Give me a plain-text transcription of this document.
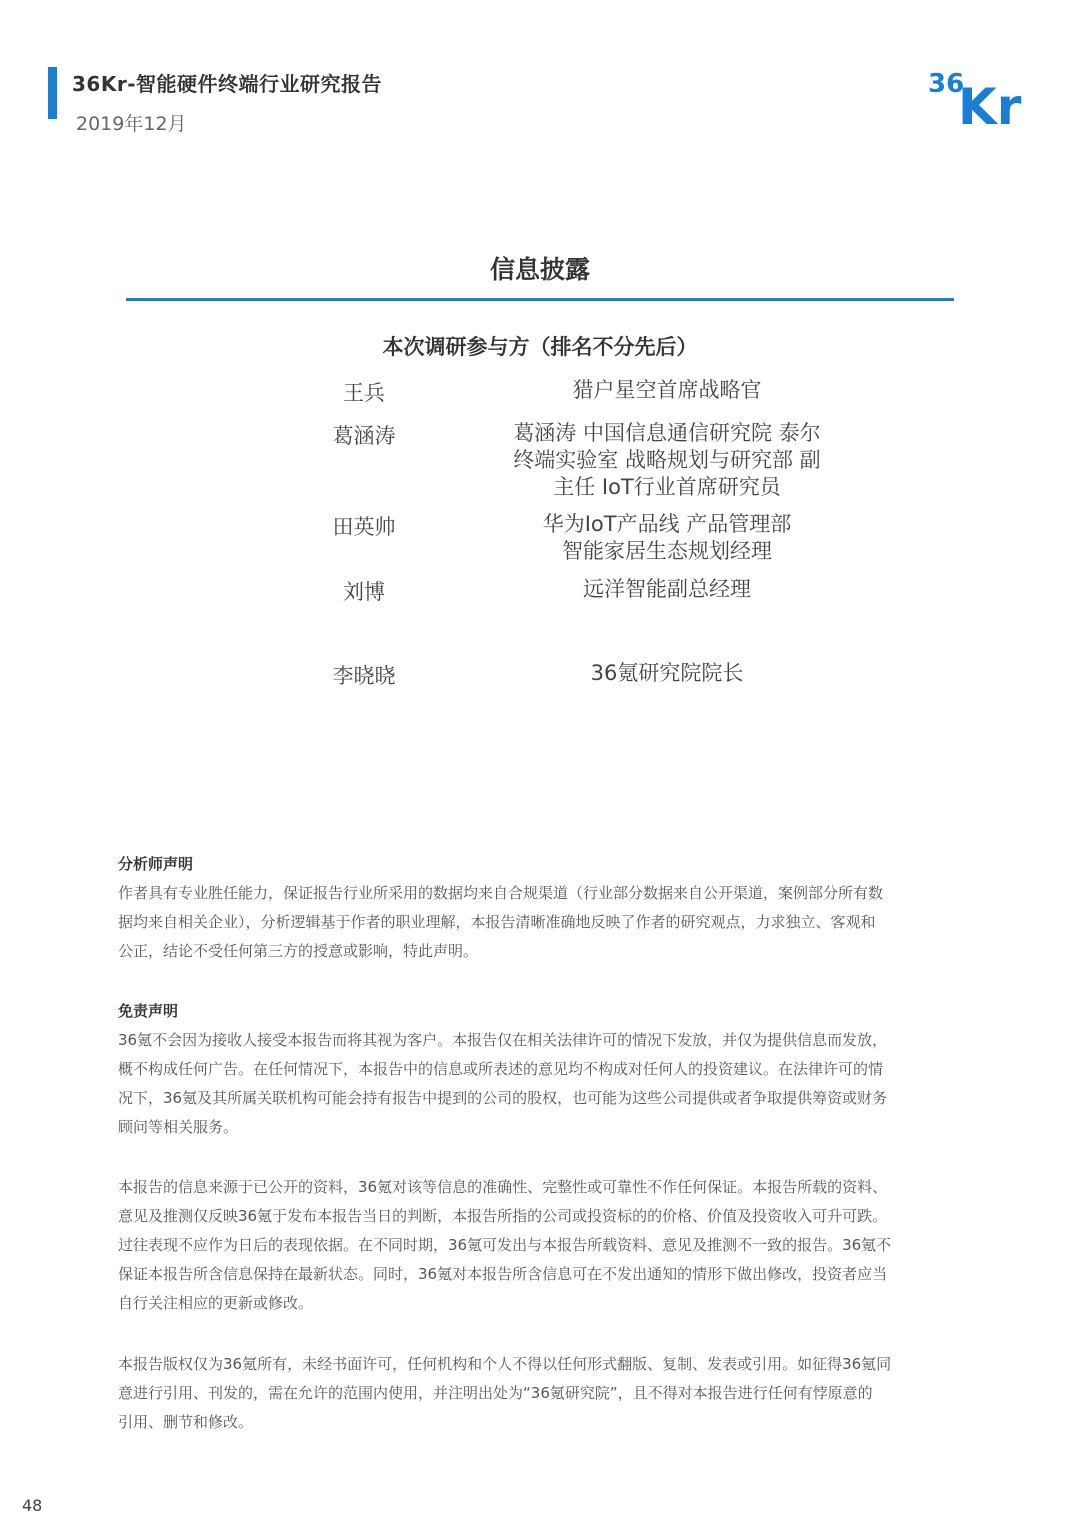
36Kr-智能硬件终端行业研究报告
2019年12月
36
Kr
信息披露
本次调研参与方（排名不分先后）
王兵	猎户星空首席战略官
葛涵涛	葛涵涛 中国信息通信研究院 泰尔
终端实验室 战略规划与研究部 副
主任 IoT行业首席研究员
田英帅	华为IoT产品线 产品管理部
智能家居生态规划经理
刘博	远洋智能副总经理
李晓晓	36氪研究院院长
分析师声明
作者具有专业胜任能力，保证报告行业所采用的数据均来自合规渠道（行业部分数据来自公开渠道，案例部分所有数
据均来自相关企业），分析逻辑基于作者的职业理解，本报告清晰准确地反映了作者的研究观点，力求独立、客观和
公正，结论不受任何第三方的授意或影响，特此声明。
免责声明
36氪不会因为接收人接受本报告而将其视为客户。本报告仅在相关法律许可的情况下发放，并仅为提供信息而发放，
概不构成任何广告。在任何情况下，本报告中的信息或所表述的意见均不构成对任何人的投资建议。在法律许可的情
况下，36氪及其所属关联机构可能会持有报告中提到的公司的股权，也可能为这些公司提供或者争取提供筹资或财务
顾问等相关服务。
本报告的信息来源于已公开的资料，36氪对该等信息的准确性、完整性或可靠性不作任何保证。本报告所载的资料、
意见及推测仅反映36氪于发布本报告当日的判断，本报告所指的公司或投资标的的价格、价值及投资收入可升可跌。
过往表现不应作为日后的表现依据。在不同时期，36氪可发出与本报告所载资料、意见及推测不一致的报告。36氪不
保证本报告所含信息保持在最新状态。同时，36氪对本报告所含信息可在不发出通知的情形下做出修改，投资者应当
自行关注相应的更新或修改。
本报告版权仅为36氪所有，未经书面许可，任何机构和个人不得以任何形式翻版、复制、发表或引用。如征得36氪同
意进行引用、刊发的，需在允许的范围内使用，并注明出处为“36氪研究院”，且不得对本报告进行任何有悖原意的
引用、删节和修改。
48
